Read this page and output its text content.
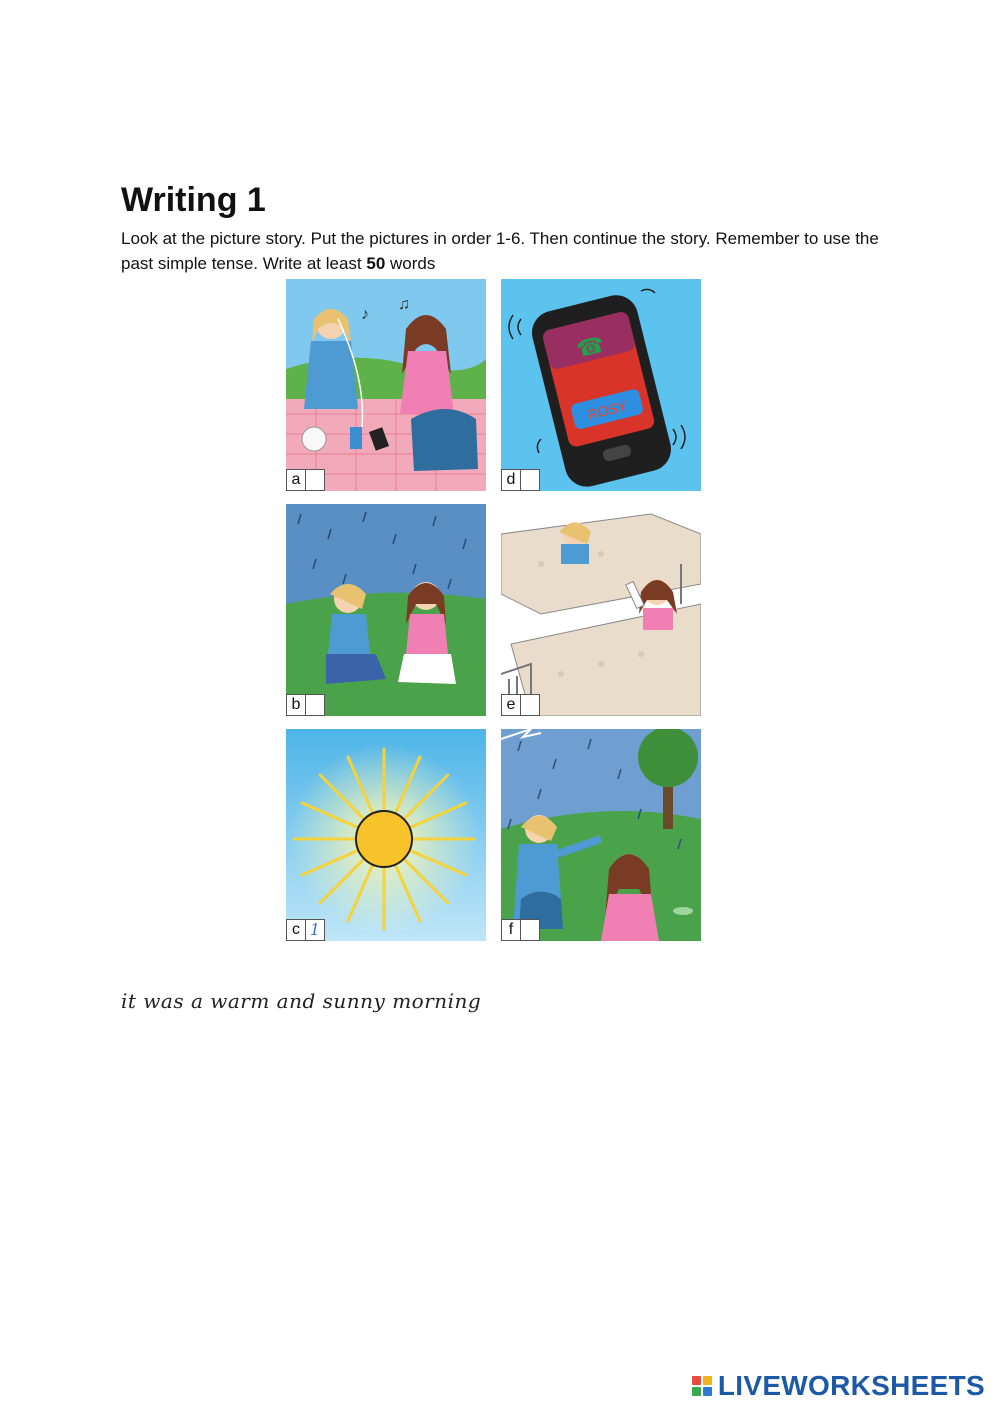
Writing 1

Look at the picture story. Put the pictures in order 1-6. Then continue the story. Remember to use the past simple tense. Write at least 50 words

♪
♫
a
☎
ROSY
d
b	e
c 1	f
it was a warm and sunny morning
LIVEWORKSHEETS
